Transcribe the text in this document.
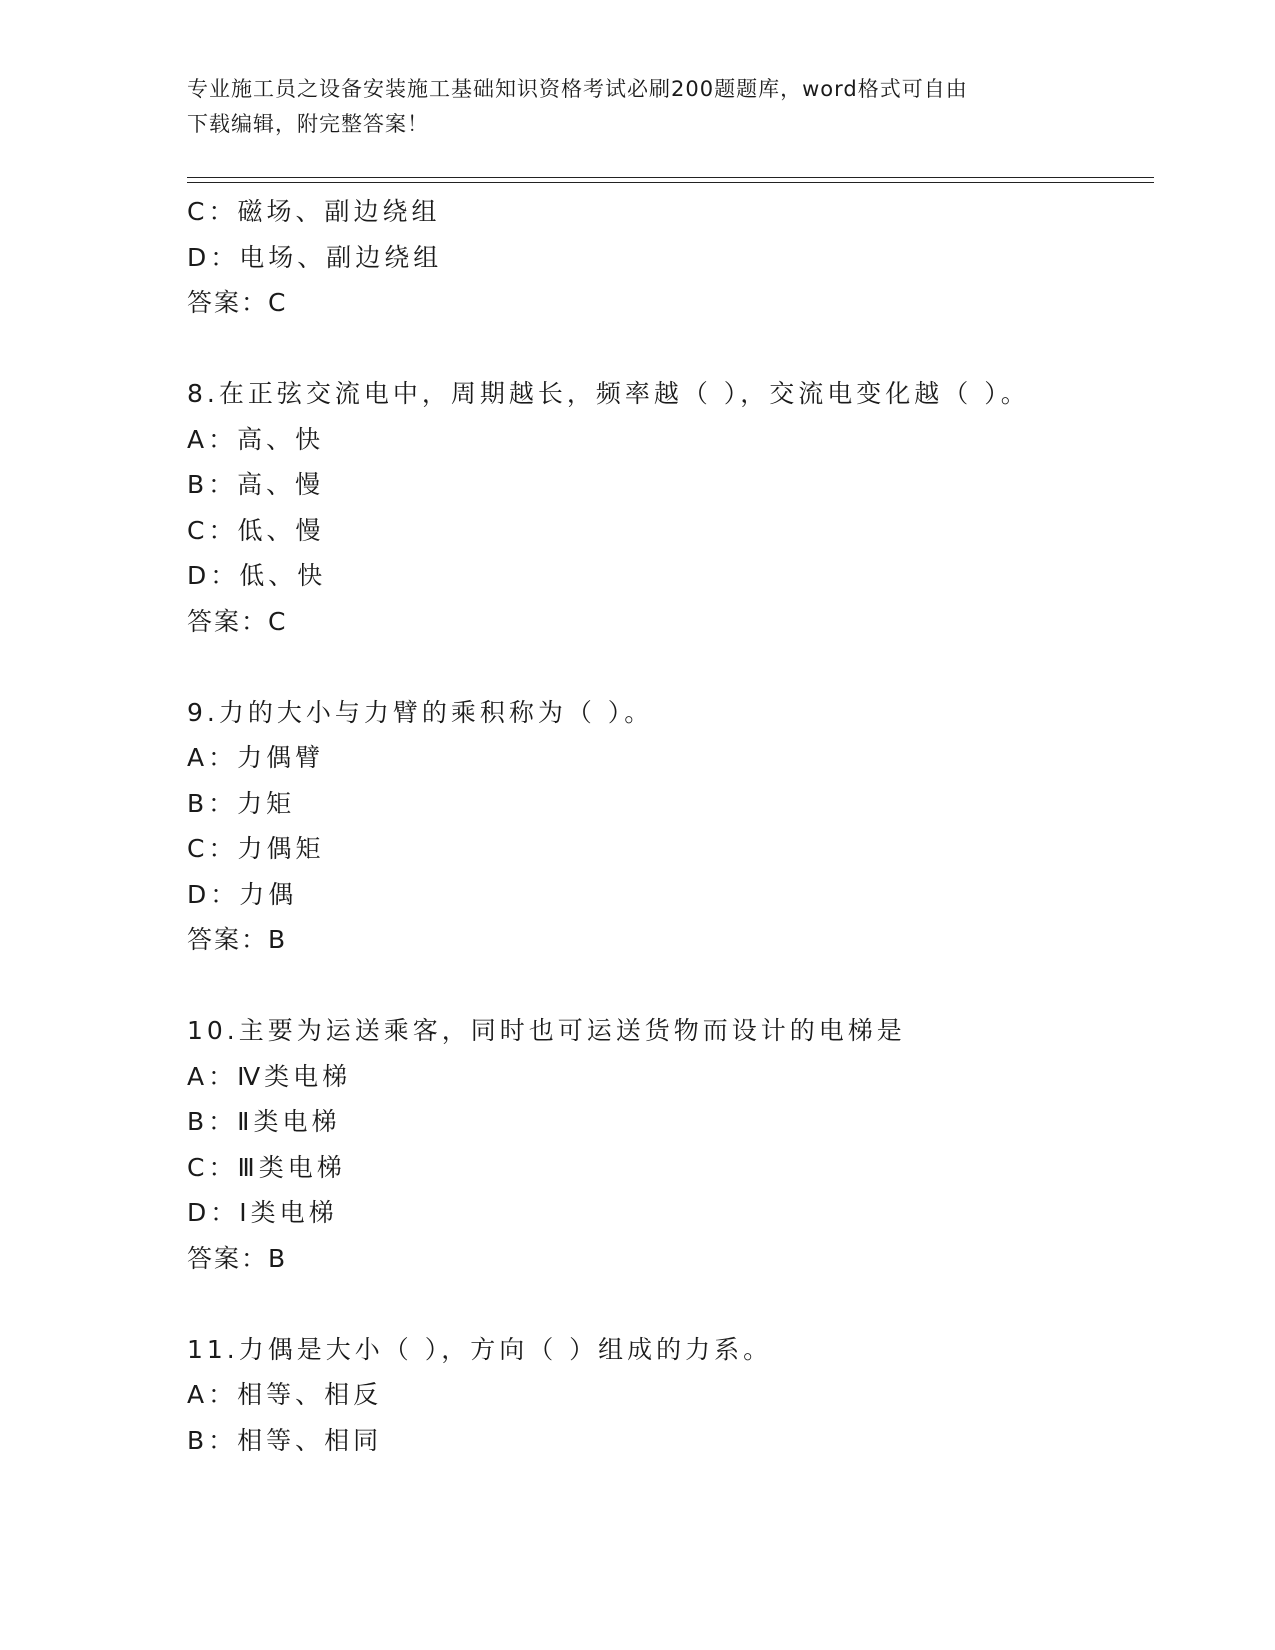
专业施工员之设备安装施工基础知识资格考试必刷200题题库，word格式可自由
下载编辑，附完整答案！
C：磁场、副边绕组
D：电场、副边绕组
答案：C
8.在正弦交流电中，周期越长，频率越（ ），交流电变化越（ ）。
A：高、快
B：高、慢
C：低、慢
D：低、快
答案：C
9.力的大小与力臂的乘积称为（ ）。
A：力偶臂
B：力矩
C：力偶矩
D：力偶
答案：B
10.主要为运送乘客，同时也可运送货物而设计的电梯是
A：Ⅳ类电梯
B：Ⅱ类电梯
C：Ⅲ类电梯
D：Ⅰ类电梯
答案：B
11.力偶是大小（ ），方向（ ）组成的力系。
A：相等、相反
B：相等、相同
